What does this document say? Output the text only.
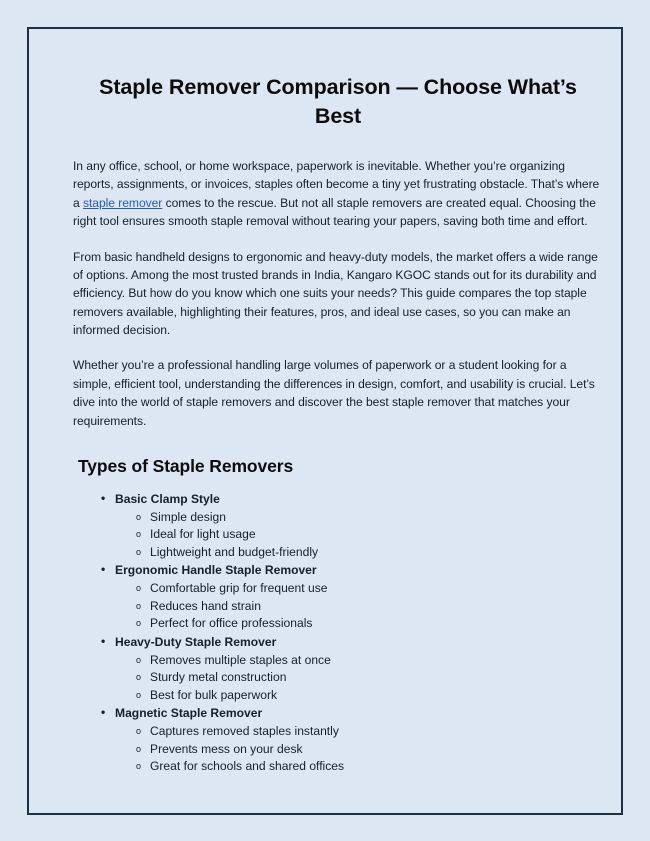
Staple Remover Comparison — Choose What’s Best

In any office, school, or home workspace, paperwork is inevitable. Whether you’re organizing reports, assignments, or invoices, staples often become a tiny yet frustrating obstacle. That’s where a staple remover comes to the rescue. But not all staple removers are created equal. Choosing the right tool ensures smooth staple removal without tearing your papers, saving both time and effort.

From basic handheld designs to ergonomic and heavy-duty models, the market offers a wide range of options. Among the most trusted brands in India, Kangaro KGOC stands out for its durability and efficiency. But how do you know which one suits your needs? This guide compares the top staple removers available, highlighting their features, pros, and ideal use cases, so you can make an informed decision.

Whether you’re a professional handling large volumes of paperwork or a student looking for a simple, efficient tool, understanding the differences in design, comfort, and usability is crucial. Let’s dive into the world of staple removers and discover the best staple remover that matches your requirements.

Types of Staple Removers
• Basic Clamp Style
o Simple design
o Ideal for light usage
o Lightweight and budget-friendly
• Ergonomic Handle Staple Remover
o Comfortable grip for frequent use
o Reduces hand strain
o Perfect for office professionals
• Heavy-Duty Staple Remover
o Removes multiple staples at once
o Sturdy metal construction
o Best for bulk paperwork
• Magnetic Staple Remover
o Captures removed staples instantly
o Prevents mess on your desk
o Great for schools and shared offices
